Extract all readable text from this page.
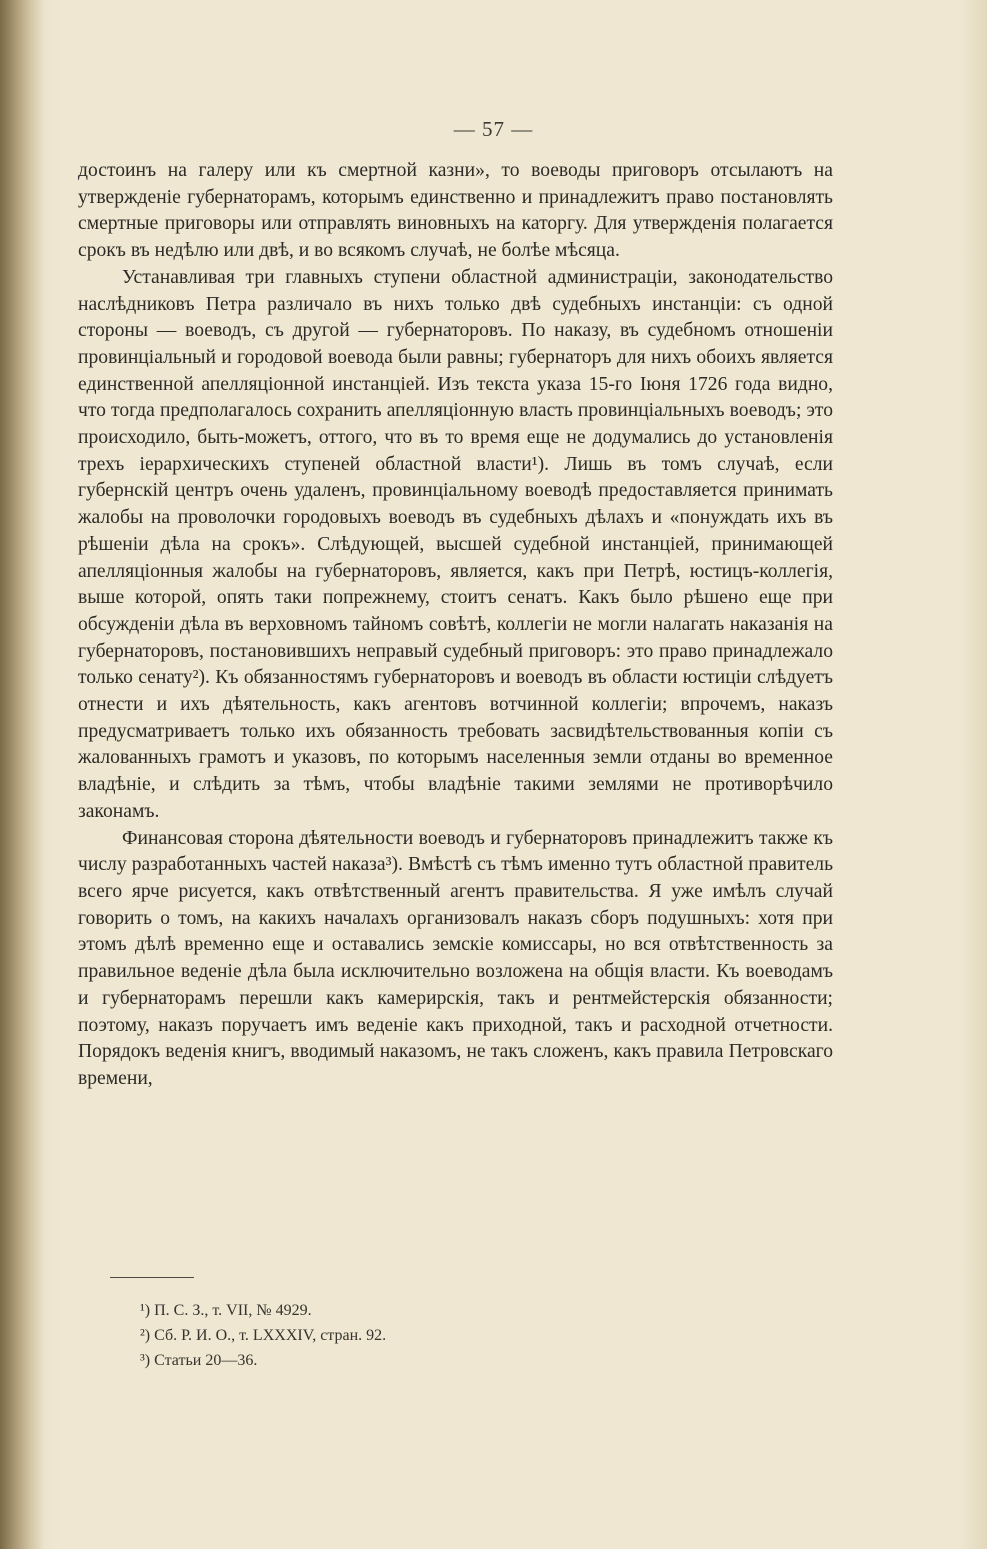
— 57 —

достоинъ на галеру или къ смертной казни», то воеводы приговоръ отсылаютъ на утвержденіе губернаторамъ, которымъ единственно и принадлежитъ право постановлять смертные приговоры или отправлять виновныхъ на каторгу. Для утвержденія полагается срокъ въ недѣлю или двѣ, и во всякомъ случаѣ, не болѣе мѣсяца.

Устанавливая три главныхъ ступени областной администраціи, законодательство наслѣдниковъ Петра различало въ нихъ только двѣ судебныхъ инстанціи: съ одной стороны — воеводъ, съ другой — губернаторовъ. По наказу, въ судебномъ отношеніи провинціальный и городовой воевода были равны; губернаторъ для нихъ обоихъ является единственной апелляціонной инстанціей. Изъ текста указа 15-го Іюня 1726 года видно, что тогда предполагалось сохранить апелляціонную власть провинціальныхъ воеводъ; это происходило, быть-можетъ, оттого, что въ то время еще не додумались до установленія трехъ іерархическихъ ступеней областной власти¹). Лишь въ томъ случаѣ, если губернскій центръ очень удаленъ, провинціальному воеводѣ предоставляется принимать жалобы на проволочки городовыхъ воеводъ въ судебныхъ дѣлахъ и «понуждать ихъ въ рѣшеніи дѣла на срокъ». Слѣдующей, высшей судебной инстанціей, принимающей апелляціонныя жалобы на губернаторовъ, является, какъ при Петрѣ, юстицъ-коллегія, выше которой, опять таки попрежнему, стоитъ сенатъ. Какъ было рѣшено еще при обсужденіи дѣла въ верховномъ тайномъ совѣтѣ, коллегіи не могли налагать наказанія на губернаторовъ, постановившихъ неправый судебный приговоръ: это право принадлежало только сенату²). Къ обязанностямъ губернаторовъ и воеводъ въ области юстиціи слѣдуетъ отнести и ихъ дѣятельность, какъ агентовъ вотчинной коллегіи; впрочемъ, наказъ предусматриваетъ только ихъ обязанность требовать засвидѣтельствованныя копіи съ жалованныхъ грамотъ и указовъ, по которымъ населенныя земли отданы во временное владѣніе, и слѣдить за тѣмъ, чтобы владѣніе такими землями не противорѣчило законамъ.

Финансовая сторона дѣятельности воеводъ и губернаторовъ принадлежитъ также къ числу разработанныхъ частей наказа³). Вмѣстѣ съ тѣмъ именно тутъ областной правитель всего ярче рисуется, какъ отвѣтственный агентъ правительства. Я уже имѣлъ случай говорить о томъ, на какихъ началахъ организовалъ наказъ сборъ подушныхъ: хотя при этомъ дѣлѣ временно еще и оставались земскіе комиссары, но вся отвѣтственность за правильное веденіе дѣла была исключительно возложена на общія власти. Къ воеводамъ и губернаторамъ перешли какъ камерирскія, такъ и рентмейстерскія обязанности; поэтому, наказъ поручаетъ имъ веденіе какъ приходной, такъ и расходной отчетности. Порядокъ веденія книгъ, вводимый наказомъ, не такъ сложенъ, какъ правила Петровскаго времени,

¹) П. С. З., т. VII, № 4929.

²) Сб. Р. И. О., т. LXXXIV, стран. 92.

³) Статьи 20—36.
